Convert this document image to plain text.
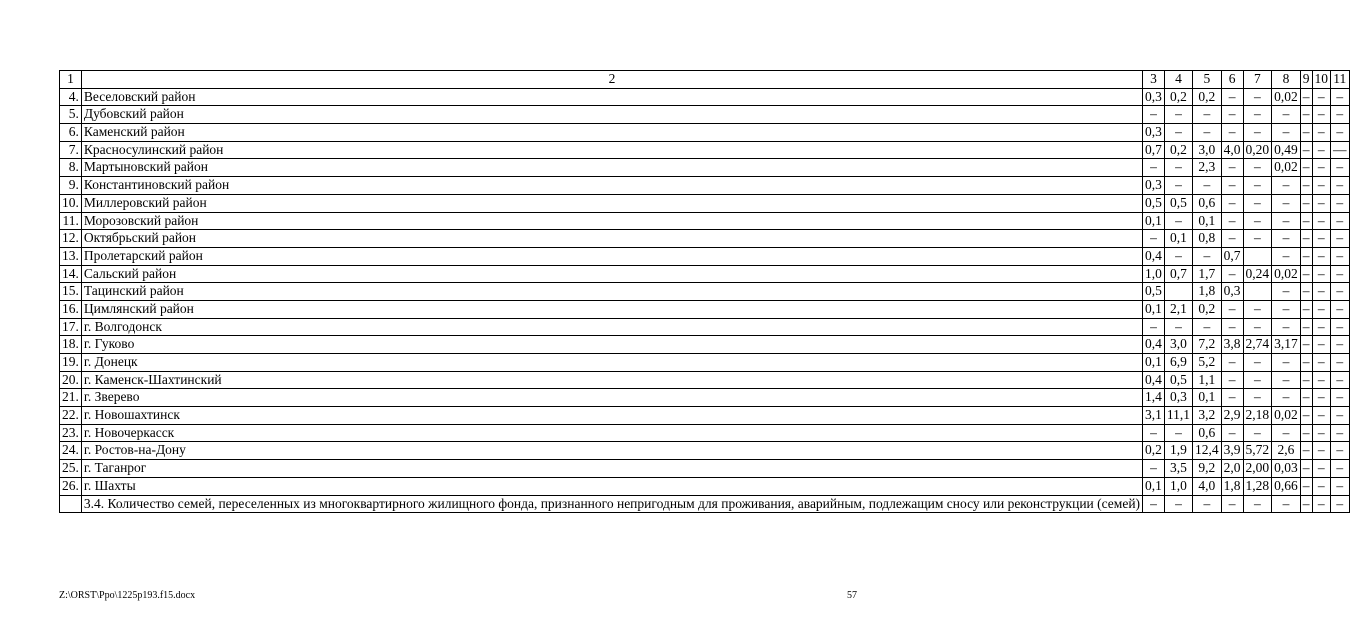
1	2	3	4	5	6	7	8	9	10	11
4.	Веселовский район	0,3	0,2	0,2	–	–	0,02	–	–	–
5.	Дубовский район	–	–	–	–	–	–	–	–	–
6.	Каменский район	0,3	–	–	–	–	–	–	–	–
7.	Красносулинский район	0,7	0,2	3,0	4,0	0,20	0,49	–	–	—
8.	Мартыновский район	–	–	2,3	–	–	0,02	–	–	–
9.	Константиновский район	0,3	–	–	–	–	–	–	–	–
10.	Миллеровский район	0,5	0,5	0,6	–	–	–	–	–	–
11.	Морозовский район	0,1	–	0,1	–	–	–	–	–	–
12.	Октябрьский район	–	0,1	0,8	–	–	–	–	–	–
13.	Пролетарский район	0,4	–	–	0,7		–	–	–	–
14.	Сальский район	1,0	0,7	1,7	–	0,24	0,02	–	–	–
15.	Тацинский район	0,5		1,8	0,3		–	–	–	–
16.	Цимлянский район	0,1	2,1	0,2	–	–	–	–	–	–
17.	г. Волгодонск	–	–	–	–	–	–	–	–	–
18.	г. Гуково	0,4	3,0	7,2	3,8	2,74	3,17	–	–	–
19.	г. Донецк	0,1	6,9	5,2	–	–	–	–	–	–
20.	г. Каменск-Шахтинский	0,4	0,5	1,1	–	–	–	–	–	–
21.	г. Зверево	1,4	0,3	0,1	–	–	–	–	–	–
22.	г. Новошахтинск	3,1	11,1	3,2	2,9	2,18	0,02	–	–	–
23.	г. Новочеркасск	–	–	0,6	–	–	–	–	–	–
24.	г. Ростов-на-Дону	0,2	1,9	12,4	3,9	5,72	2,6	–	–	–
25.	г. Таганрог	–	3,5	9,2	2,0	2,00	0,03	–	–	–
26.	г. Шахты	0,1	1,0	4,0	1,8	1,28	0,66	–	–	–
	3.4. Количество семей, переселенных из многоквартирного жилищного фонда, признанного непригодным для проживания, аварийным, подлежащим сносу или реконструкции (семей)	–	–	–	–	–	–	–	–	–
Z:\ORST\Ppo\1225p193.f15.docx	57
